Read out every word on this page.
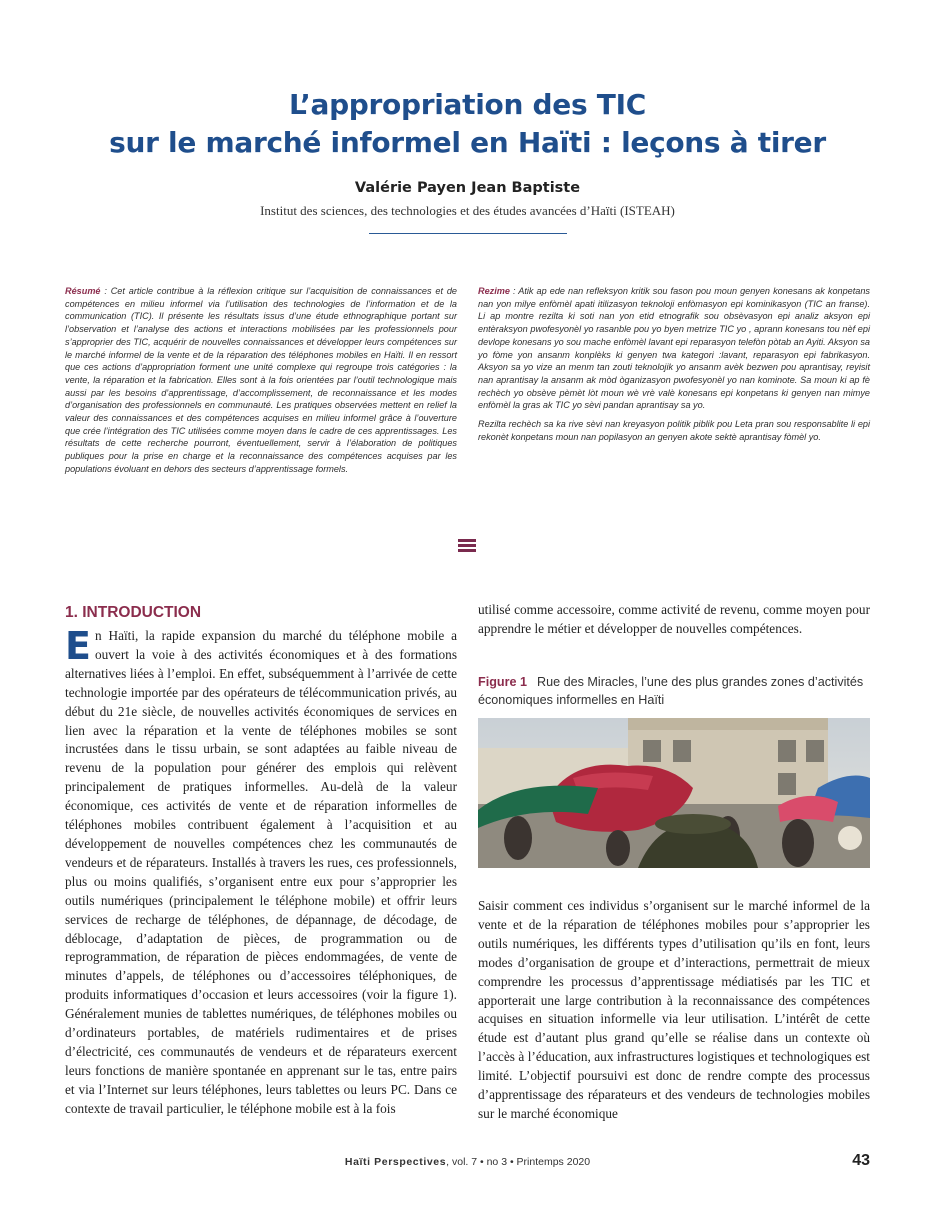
L’appropriation des TIC
sur le marché informel en Haïti : leçons à tirer
Valérie Payen Jean Baptiste
Institut des sciences, des technologies et des études avancées d’Haïti (ISTEAH)

Résumé : Cet article contribue à la réflexion critique sur l’acquisition de connaissances et de compétences en milieu informel via l’utilisation des technologies de l’information et de la communication (TIC). Il présente les résultats issus d’une étude ethnographique portant sur l’observation et l’analyse des actions et interactions mobilisées par les professionnels pour s’approprier des TIC, acquérir de nouvelles connaissances et développer leurs compétences sur le marché informel de la vente et de la réparation des téléphones mobiles en Haïti. Il en ressort que ces actions d’appropriation forment une unité complexe qui regroupe trois catégories : la vente, la réparation et la fabrication. Elles sont à la fois orientées par l’outil technologique mais aussi par les besoins d’apprentissage, d’accomplissement, de reconnaissance et les modes d’organisation des professionnels en communauté. Les pratiques observées mettent en relief la valeur des connaissances et des compétences acquises en milieu informel grâce à l’ouverture que crée l’intégration des TIC utilisées comme moyen dans le cadre de ces apprentissages. Les résultats de cette recherche pourront, éventuellement, servir à l’élaboration de politiques publiques pour la prise en charge et la reconnaissance des compétences acquises par les populations évoluant en dehors des secteurs d’apprentissage formels.

Rezime : Atik ap ede nan refleksyon kritik sou fason pou moun genyen konesans ak konpetans nan yon milye enfòmèl apati itilizasyon teknoloji enfòmasyon epi kominikasyon (TIC an franse). Li ap montre rezilta ki soti nan yon etid etnografik sou obsèvasyon epi analiz aksyon epi entèraksyon pwofesyonèl yo rasanble pou yo byen metrize TIC yo , aprann konesans tou nèf epi devlope konesans yo sou mache enfòmèl lavant epi reparasyon telefòn pòtab an Ayiti. Aksyon sa yo fòme yon ansanm konplèks ki genyen twa kategori :lavant, reparasyon epi fabrikasyon. Aksyon sa yo vize an menm tan zouti teknolojik yo ansanm avèk bezwen pou aprantisay, reyisit nan aprantisay la ansanm ak mòd òganizasyon pwofesyonèl yo nan kominote. Sa moun ki ap fè rechèch yo obsève pèmèt lòt moun wè vrè valè konesans epi konpetans ki genyen nan mimye enfòmèl la gras ak TIC yo sèvi pandan aprantisay sa yo.

Rezilta rechèch sa ka rive sèvi nan kreyasyon politik piblik pou Leta pran sou responsablite li epi rekonèt konpetans moun nan popilasyon an genyen akote sektè aprantisay fòmèl yo.

1. INTRODUCTION
En Haïti, la rapide expansion du marché du téléphone mobile a ouvert la voie à des activités économiques et à des formations alternatives liées à l’emploi. En effet, subséquemment à l’arrivée de cette technologie importée par des opérateurs de télécommunication privés, au début du 21e siècle, de nouvelles activités économiques de services en lien avec la réparation et la vente de téléphones mobiles se sont incrustées dans le tissu urbain, se sont adaptées au faible niveau de revenu de la population pour générer des emplois qui relèvent principalement de pratiques informelles. Au-delà de la valeur économique, ces activités de vente et de réparation informelles de téléphones mobiles contribuent également à l’acquisition et au développement de nouvelles compétences chez les communautés de vendeurs et de réparateurs. Installés à travers les rues, ces professionnels, plus ou moins qualifiés, s’organisent entre eux pour s’approprier les outils numériques (principalement le téléphone mobile) et offrir leurs services de recharge de téléphones, de dépannage, de décodage, de déblocage, d’adaptation de pièces, de programmation ou de reprogrammation, de réparation de pièces endommagées, de vente de minutes d’appels, de téléphones ou d’accessoires téléphoniques, de produits informatiques d’occasion et leurs accessoires (voir la figure 1). Généralement munies de tablettes numériques, de téléphones mobiles ou d’ordinateurs portables, de matériels rudimentaires et de prises d’électricité, ces communautés de vendeurs et de réparateurs exercent leurs fonctions de manière spontanée en apprenant sur le tas, entre pairs et via l’Internet sur leurs téléphones, leurs tablettes ou leurs PC. Dans ce contexte de travail particulier, le téléphone mobile est à la fois
utilisé comme accessoire, comme activité de revenu, comme moyen pour apprendre le métier et développer de nouvelles compétences.
Figure 1 Rue des Miracles, l’une des plus grandes zones d’activités économiques informelles en Haïti
Saisir comment ces individus s’organisent sur le marché informel de la vente et de la réparation de téléphones mobiles pour s’approprier les outils numériques, les différents types d’utilisation qu’ils en font, leurs modes d’organisation de groupe et d’interactions, permettrait de mieux comprendre les processus d’apprentissage médiatisés par les TIC et apporterait une large contribution à la reconnaissance des compétences acquises en situation informelle via leur utilisation. L’intérêt de cette étude est d’autant plus grand qu’elle se réalise dans un contexte où l’accès à l’éducation, aux infrastructures logistiques et technologiques est limité. L’objectif poursuivi est donc de rendre compte des processus d’apprentissage des réparateurs et des vendeurs de technologies mobiles sur le marché économique
Haïti Perspectives, vol. 7 • no 3 • Printemps 2020	43
